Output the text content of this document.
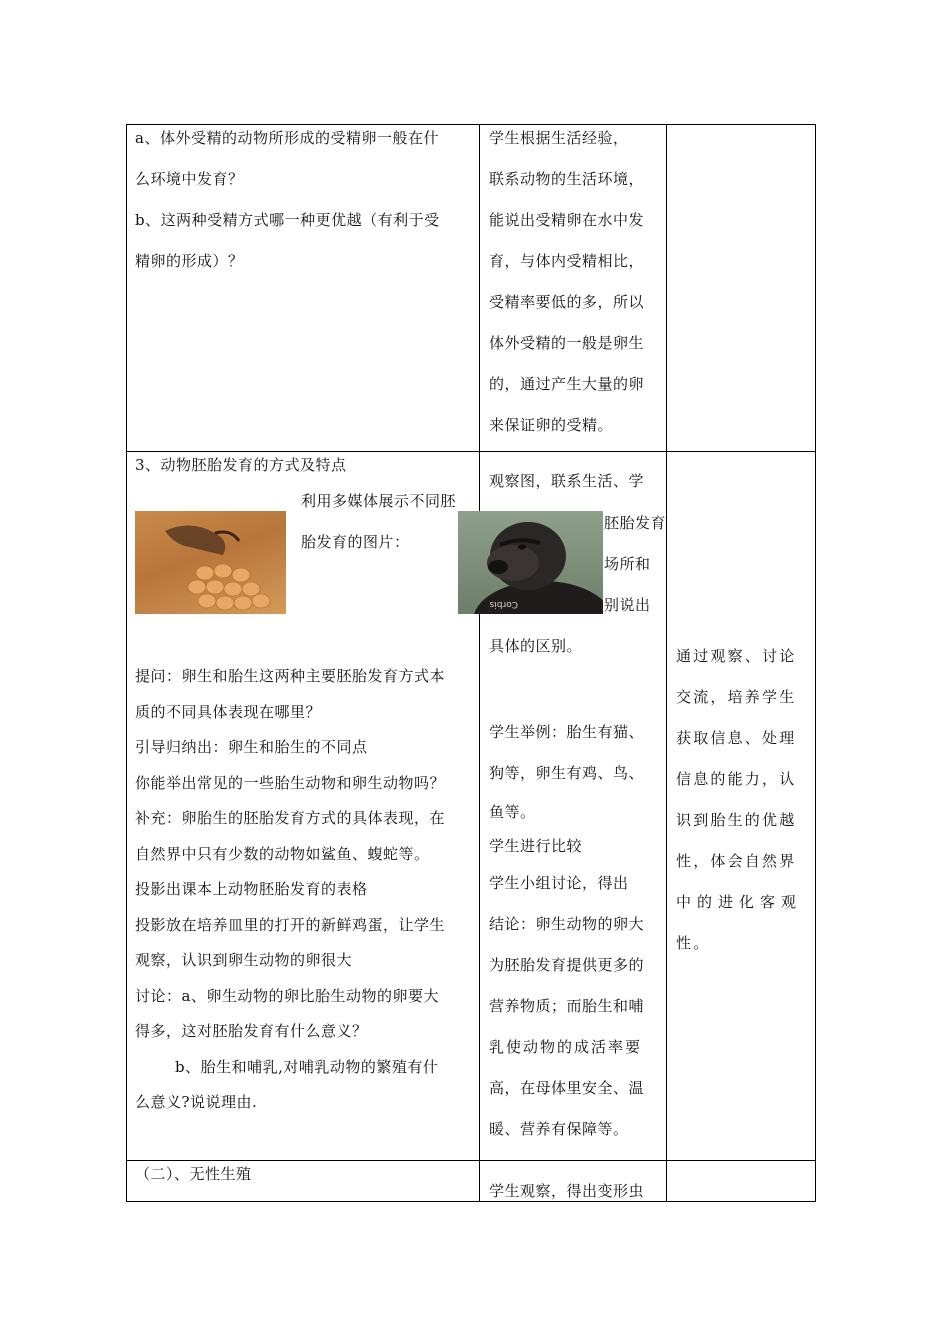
a、体外受精的动物所形成的受精卵一般在什

么环境中发育？

b、这两种受精方式哪一种更优越（有利于受

精卵的形成）？

学生根据生活经验，

联系动物的生活环境，

能说出受精卵在水中发

育，与体内受精相比，

受精率要低的多，所以

体外受精的一般是卵生

的，通过产生大量的卵

来保证卵的受精。

3、动物胚胎发育的方式及特点

利用多媒体展示不同胚

胎发育的图片：

Corbis

提问：卵生和胎生这两种主要胚胎发育方式本

质的不同具体表现在哪里？

引导归纳出：卵生和胎生的不同点

你能举出常见的一些胎生动物和卵生动物吗？

补充：卵胎生的胚胎发育方式的具体表现，在

自然界中只有少数的动物如鲨鱼、蝮蛇等。

投影出课本上动物胚胎发育的表格

投影放在培养皿里的打开的新鲜鸡蛋，让学生

观察，认识到卵生动物的卵很大

讨论：a、卵生动物的卵比胎生动物的卵要大

得多，这对胚胎发育有什么意义？

b、胎生和哺乳,对哺乳动物的繁殖有什

么意义?说说理由.

观察图，联系生活、学
胚胎发育
场所和
别说出
具体的区别。

学生举例：胎生有猫、

狗等，卵生有鸡、鸟、

鱼等。

学生进行比较

学生小组讨论，得出

结论：卵生动物的卵大

为胚胎发育提供更多的

营养物质；而胎生和哺

乳使动物的成活率要

高，在母体里安全、温

暖、营养有保障等。

通过观察、讨论

交流，培养学生

获取信息、处理

信息的能力，认

识到胎生的优越

性，体会自然界

中的进化客观

性。

（二）、无性生殖
学生观察，得出变形虫
